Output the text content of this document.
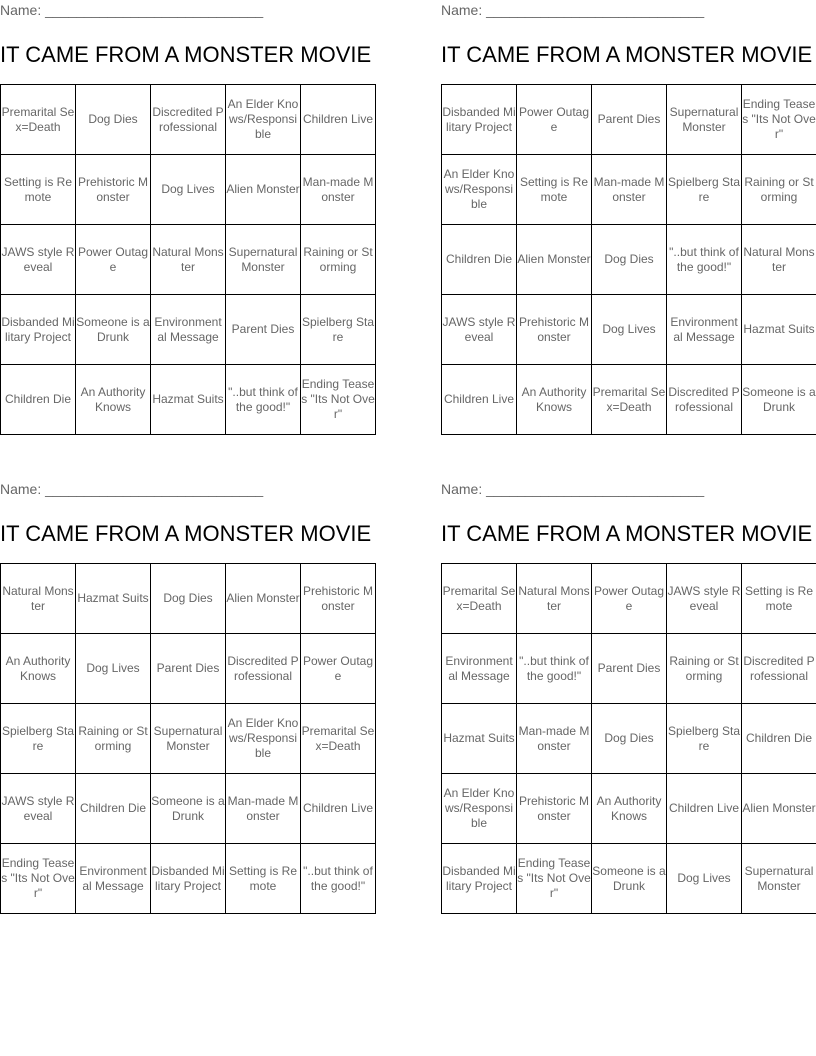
Name: ____________________________
IT CAME FROM A MONSTER MOVIE
Premarital Sex=Death	Dog Dies	Discredited Professional	An Elder Knows/Responsible	Children Live
Setting is Remote	Prehistoric Monster	Dog Lives	Alien Monster	Man-made Monster
JAWS style Reveal	Power Outage	Natural Monster	Supernatural Monster	Raining or Storming
Disbanded Military Project	Someone is a Drunk	Environmental Message	Parent Dies	Spielberg Stare
Children Die	An Authority Knows	Hazmat Suits	"..but think of the good!"	Ending Teases "Its Not Over"
Name: ____________________________
IT CAME FROM A MONSTER MOVIE
Disbanded Military Project	Power Outage	Parent Dies	Supernatural Monster	Ending Teases "Its Not Over"
An Elder Knows/Responsible	Setting is Remote	Man-made Monster	Spielberg Stare	Raining or Storming
Children Die	Alien Monster	Dog Dies	"..but think of the good!"	Natural Monster
JAWS style Reveal	Prehistoric Monster	Dog Lives	Environmental Message	Hazmat Suits
Children Live	An Authority Knows	Premarital Sex=Death	Discredited Professional	Someone is a Drunk
Name: ____________________________
IT CAME FROM A MONSTER MOVIE
Natural Monster	Hazmat Suits	Dog Dies	Alien Monster	Prehistoric Monster
An Authority Knows	Dog Lives	Parent Dies	Discredited Professional	Power Outage
Spielberg Stare	Raining or Storming	Supernatural Monster	An Elder Knows/Responsible	Premarital Sex=Death
JAWS style Reveal	Children Die	Someone is a Drunk	Man-made Monster	Children Live
Ending Teases "Its Not Over"	Environmental Message	Disbanded Military Project	Setting is Remote	"..but think of the good!"
Name: ____________________________
IT CAME FROM A MONSTER MOVIE
Premarital Sex=Death	Natural Monster	Power Outage	JAWS style Reveal	Setting is Remote
Environmental Message	"..but think of the good!"	Parent Dies	Raining or Storming	Discredited Professional
Hazmat Suits	Man-made Monster	Dog Dies	Spielberg Stare	Children Die
An Elder Knows/Responsible	Prehistoric Monster	An Authority Knows	Children Live	Alien Monster
Disbanded Military Project	Ending Teases "Its Not Over"	Someone is a Drunk	Dog Lives	Supernatural Monster
